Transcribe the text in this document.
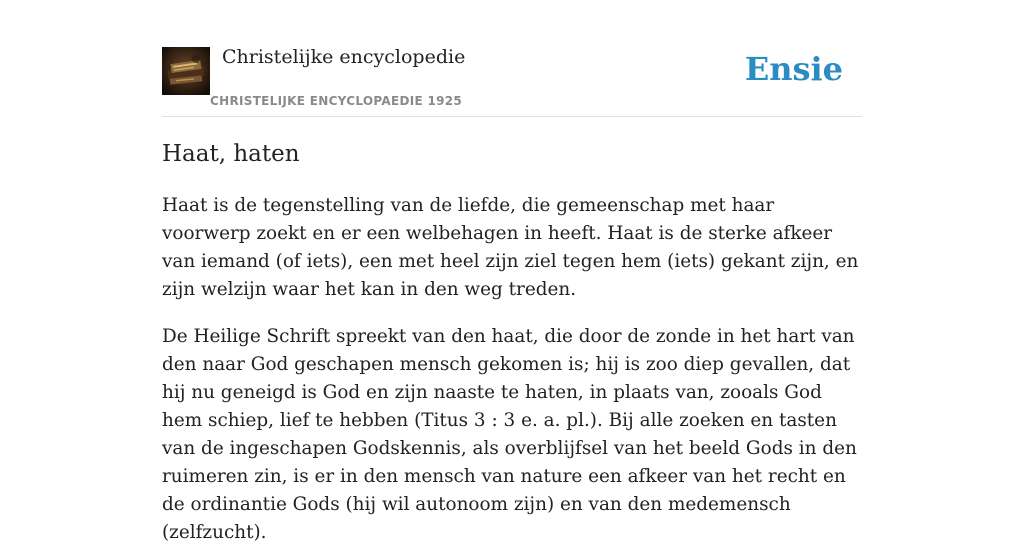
Christelijke encyclopedie
CHRISTELIJKE ENCYCLOPAEDIE 1925
Ensie
Haat, haten

Haat is de tegenstelling van de liefde, die gemeenschap met haar voorwerp zoekt en er een welbehagen in heeft. Haat is de sterke afkeer van iemand (of iets), een met heel zijn ziel tegen hem (iets) gekant zijn, en zijn welzijn waar het kan in den weg treden.

De Heilige Schrift spreekt van den haat, die door de zonde in het hart van den naar God geschapen mensch gekomen is; hij is zoo diep gevallen, dat hij nu geneigd is God en zijn naaste te haten, in plaats van, zooals God hem schiep, lief te hebben (Titus 3 : 3 e. a. pl.). Bij alle zoeken en tasten van de ingeschapen Godskennis, als overblijfsel van het beeld Gods in den ruimeren zin, is er in den mensch van nature een afkeer van het recht en de ordinantie Gods (hij wil autonoom zijn) en van den medemensch (zelfzucht).
